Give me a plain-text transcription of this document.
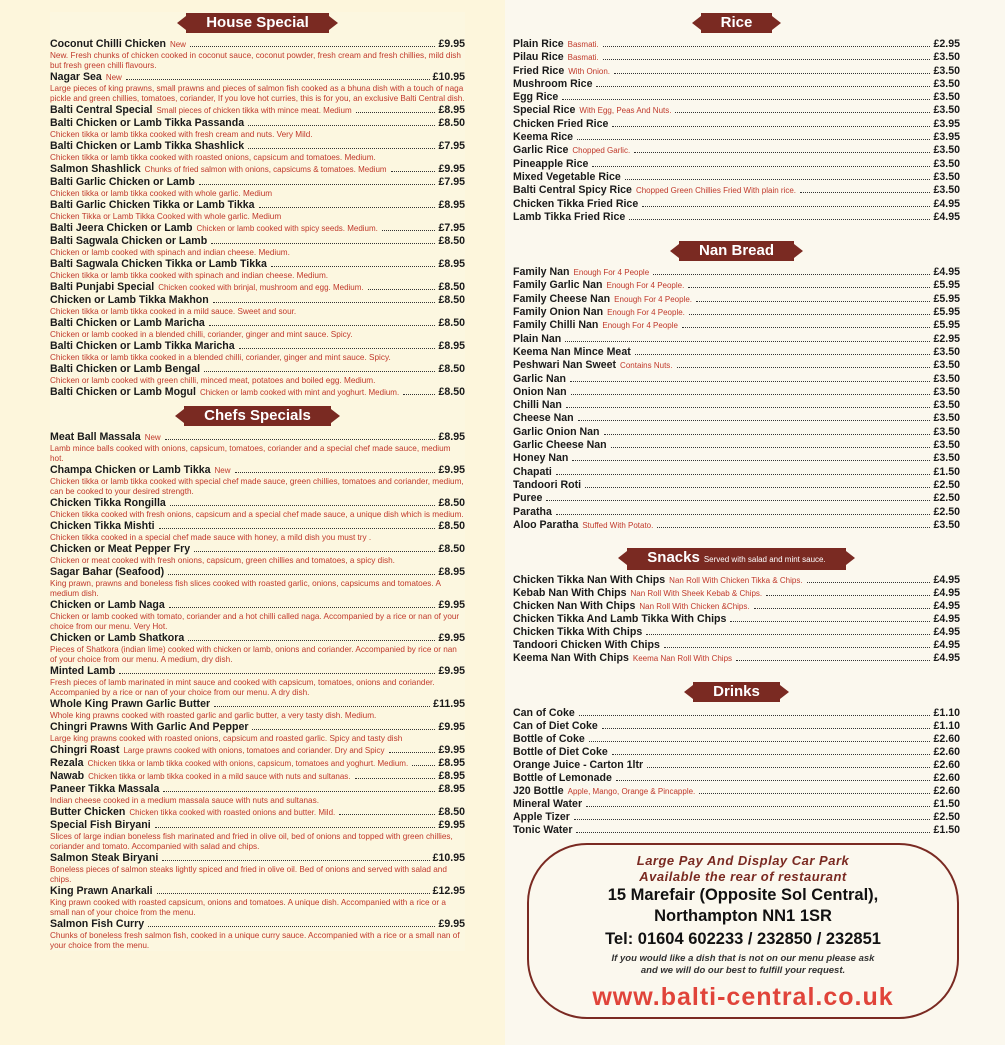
House Special
Coconut Chilli Chicken New	£9.95
New. Fresh chunks of chicken cooked in coconut sauce, coconut powder, fresh cream and fresh chillies, mild dish but fresh green chilli flavours.
Nagar Sea New	£10.95
Large pieces of king prawns, small prawns and pieces of salmon fish cooked as a bhuna dish with a touch of naga pickle and green chillies, tomatoes, coriander, If you love hot curries, this is for you, an exclusive Balti Central dish.
Balti Central Special Small pieces of chicken tikka with mince meat. Medium	£8.95
Balti Chicken or Lamb Tikka Passanda	£8.50
Chicken tikka or lamb tikka cooked with fresh cream and nuts. Very Mild.
Balti Chicken or Lamb Tikka Shashlick	£7.95
Chicken tikka or lamb tikka cooked with roasted onions, capsicum and tomatoes. Medium.
Salmon Shashlick Chunks of fried salmon with onions, capsicums & tomatoes. Medium	£9.95
Balti Garlic Chicken or Lamb	£7.95
Chicken tikka or lamb tikka cooked with whole garlic. Medium
Balti Garlic Chicken Tikka or Lamb Tikka	£8.95
Chicken Tikka or Lamb Tikka Cooked with whole garlic. Medium
Balti Jeera Chicken or Lamb Chicken or lamb cooked with spicy seeds. Medium.	£7.95
Balti Sagwala Chicken or Lamb	£8.50
Chicken or lamb cooked with spinach and indian cheese. Medium.
Balti Sagwala Chicken Tikka or Lamb Tikka	£8.95
Chicken tikka or lamb tikka cooked with spinach and indian cheese. Medium.
Balti Punjabi Special Chicken cooked with brinjal, mushroom and egg. Medium.	£8.50
Chicken or Lamb Tikka Makhon	£8.50
Chicken tikka or lamb tikka cooked in a mild sauce. Sweet and sour.
Balti Chicken or Lamb Maricha	£8.50
Chicken or lamb cooked in a blended chilli, coriander, ginger and mint sauce. Spicy.
Balti Chicken or Lamb Tikka Maricha	£8.95
Chicken tikka or lamb tikka cooked in a blended chilli, coriander, ginger and mint sauce. Spicy.
Balti Chicken or Lamb Bengal	£8.50
Chicken or lamb cooked with green chilli, minced meat, potatoes and boiled egg. Medium.
Balti Chicken or Lamb Mogul Chicken or lamb cooked with mint and yoghurt. Medium.	£8.50
Chefs Specials
Meat Ball Massala New	£8.95
Lamb mince balls cooked with onions, capsicum, tomatoes, coriander and a special chef made sauce, medium hot.
Champa Chicken or Lamb Tikka New	£9.95
Chicken tikka or lamb tikka cooked with special chef made sauce, green chillies, tomatoes and coriander, medium, can be cooked to your desired strength.
Chicken Tikka Rongilla	£8.50
Chicken tikka cooked with fresh onions, capsicum and a special chef made sauce, a unique dish which is medium.
Chicken Tikka Mishti	£8.50
Chicken tikka cooked in a special chef made sauce with honey, a mild dish you must try .
Chicken or Meat Pepper Fry	£8.50
Chicken or meat cooked with fresh onions, capsicum, green chillies and tomatoes, a spicy dish.
Sagar Bahar (Seafood)	£8.95
King prawn, prawns and boneless fish slices cooked with roasted garlic, onions, capsicums and tomatoes. A medium dish.
Chicken or Lamb Naga	£9.95
Chicken or lamb cooked with tomato, coriander and a hot chilli called naga. Accompanied by a rice or nan of your choice from our menu. Very Hot.
Chicken or Lamb Shatkora	£9.95
Pieces of Shatkora (indian lime) cooked with chicken or lamb, onions and coriander. Accompanied by rice or nan of your choice from our menu. A medium, dry dish.
Minted Lamb	£9.95
Fresh pieces of lamb marinated in mint sauce and cooked with capsicum, tomatoes, onions and coriander. Accompanied by a rice or nan of your choice from our menu. A dry dish.
Whole King Prawn Garlic Butter	£11.95
Whole king prawns cooked with roasted garlic and garlic butter, a very tasty dish. Medium.
Chingri Prawns With Garlic And Pepper	£9.95
Large king prawns cooked with roasted onions, capsicum and roasted garlic. Spicy and tasty dish
Chingri Roast Large prawns cooked with onions, tomatoes and coriander. Dry and Spicy	£9.95
Rezala Chicken tikka or lamb tikka cooked with onions, capsicum, tomatoes and yoghurt. Medium.	£8.95
Nawab Chicken tikka or lamb tikka cooked in a mild sauce with nuts and sultanas.	£8.95
Paneer Tikka Massala	£8.95
Indian cheese cooked in a medium massala sauce with nuts and sultanas.
Butter Chicken Chicken tikka cooked with roasted onions and butter. Mild.	£8.50
Special Fish Biryani	£9.95
Slices of large indian boneless fish marinated and fried in olive oil, bed of onions and topped with green chillies, coriander and tomato. Accompanied with salad and chips.
Salmon Steak Biryani	£10.95
Boneless pieces of salmon steaks lightly spiced and fried in olive oil. Bed of onions and served with salad and chips.
King Prawn Anarkali	£12.95
King prawn cooked with roasted capsicum, onions and tomatoes. A unique dish. Accompanied with a rice or a small nan of your choice from the menu.
Salmon Fish Curry	£9.95
Chunks of boneless fresh salmon fish, cooked in a unique curry sauce. Accompanied with a rice or a small nan of your choice from the menu.
Rice
Plain Rice Basmati.	£2.95
Pilau Rice Basmati.	£3.50
Fried Rice With Onion.	£3.50
Mushroom Rice	£3.50
Egg Rice	£3.50
Special Rice With Egg, Peas And Nuts.	£3.50
Chicken Fried Rice	£3.95
Keema Rice	£3.95
Garlic Rice Chopped Garlic.	£3.50
Pineapple Rice	£3.50
Mixed Vegetable Rice	£3.50
Balti Central Spicy Rice Chopped Green Chillies Fried With plain rice.	£3.50
Chicken Tikka Fried Rice	£4.95
Lamb Tikka Fried Rice	£4.95
Nan Bread
Family Nan Enough For 4 People	£4.95
Family Garlic Nan Enough For 4 People.	£5.95
Family Cheese Nan Enough For 4 People.	£5.95
Family Onion Nan Enough For 4 People.	£5.95
Family Chilli Nan Enough For 4 People	£5.95
Plain Nan	£2.95
Keema Nan Mince Meat	£3.50
Peshwari Nan Sweet Contains Nuts.	£3.50
Garlic Nan	£3.50
Onion Nan	£3.50
Chilli Nan	£3.50
Cheese Nan	£3.50
Garlic Onion Nan	£3.50
Garlic Cheese Nan	£3.50
Honey Nan	£3.50
Chapati	£1.50
Tandoori Roti	£2.50
Puree	£2.50
Paratha	£2.50
Aloo Paratha Stuffed With Potato.	£3.50
Snacks Served with salad and mint sauce.
Chicken Tikka Nan With Chips Nan Roll With Chicken Tikka & Chips.	£4.95
Kebab Nan With Chips Nan Roll With Sheek Kebab & Chips.	£4.95
Chicken Nan With Chips Nan Roll With Chicken &Chips.	£4.95
Chicken Tikka And Lamb Tikka With Chips	£4.95
Chicken Tikka With Chips	£4.95
Tandoori Chicken With Chips	£4.95
Keema Nan With Chips Keema Nan Roll With Chips	£4.95
Drinks
Can of Coke	£1.10
Can of Diet Coke	£1.10
Bottle of Coke	£2.60
Bottle of Diet Coke	£2.60
Orange Juice - Carton 1ltr	£2.60
Bottle of Lemonade	£2.60
J20 Bottle Apple, Mango, Orange & Pincapple.	£2.60
Mineral Water	£1.50
Apple Tizer	£2.50
Tonic Water	£1.50
Large Pay And Display Car Park
Available the rear of restaurant
15 Marefair (Opposite Sol Central),
Northampton NN1 1SR
Tel: 01604 602233 / 232850 / 232851
If you would like a dish that is not on our menu please ask
and we will do our best to fulfill your request.
www.balti-central.co.uk
